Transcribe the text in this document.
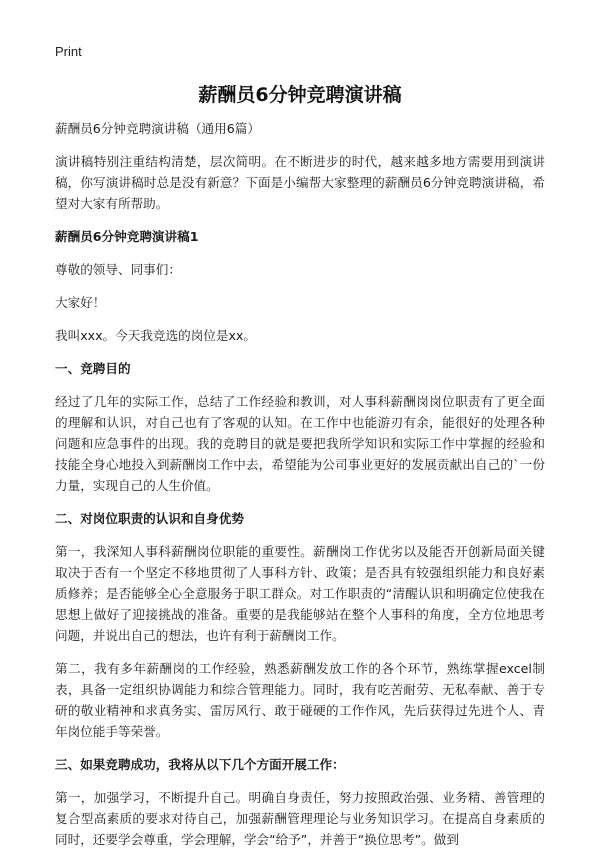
Print
薪酬员6分钟竞聘演讲稿

薪酬员6分钟竞聘演讲稿（通用6篇）

演讲稿特别注重结构清楚，层次简明。在不断进步的时代，越来越多地方需要用到演讲稿，你写演讲稿时总是没有新意？下面是小编帮大家整理的薪酬员6分钟竞聘演讲稿，希望对大家有所帮助。

薪酬员6分钟竞聘演讲稿1

尊敬的领导、同事们：

大家好！

我叫xxx。今天我竞选的岗位是xx。

一、竞聘目的

经过了几年的实际工作，总结了工作经验和教训，对人事科薪酬岗岗位职责有了更全面的理解和认识，对自己也有了客观的认知。在工作中也能游刃有余，能很好的处理各种问题和应急事件的出现。我的竞聘目的就是要把我所学知识和实际工作中掌握的经验和技能全身心地投入到薪酬岗工作中去，希望能为公司事业更好的发展贡献出自己的`一份力量，实现自己的人生价值。

二、对岗位职责的认识和自身优势

第一，我深知人事科薪酬岗位职能的重要性。薪酬岗工作优劣以及能否开创新局面关键取决于否有一个坚定不移地贯彻了人事科方针、政策；是否具有较强组织能力和良好素质修养；是否能够全心全意服务于职工群众。对工作职责的“清醒认识和明确定位使我在思想上做好了迎接挑战的准备。重要的是我能够站在整个人事科的角度，全方位地思考问题，并说出自己的想法，也许有利于薪酬岗工作。

第二，我有多年薪酬岗的工作经验，熟悉薪酬发放工作的各个环节，熟练掌握excel制表，具备一定组织协调能力和综合管理能力。同时，我有吃苦耐劳、无私奉献、善于专研的敬业精神和求真务实、雷厉风行、敢于碰硬的工作作风，先后获得过先进个人、青年岗位能手等荣誉。

三、如果竞聘成功，我将从以下几个方面开展工作：

第一，加强学习，不断提升自己。明确自身责任，努力按照政治强、业务精、善管理的复合型高素质的要求对待自己，加强薪酬管理理论与业务知识学习。在提高自身素质的同时，还要学会尊重，学会理解，学会“给予”，并善于“换位思考”。做到
